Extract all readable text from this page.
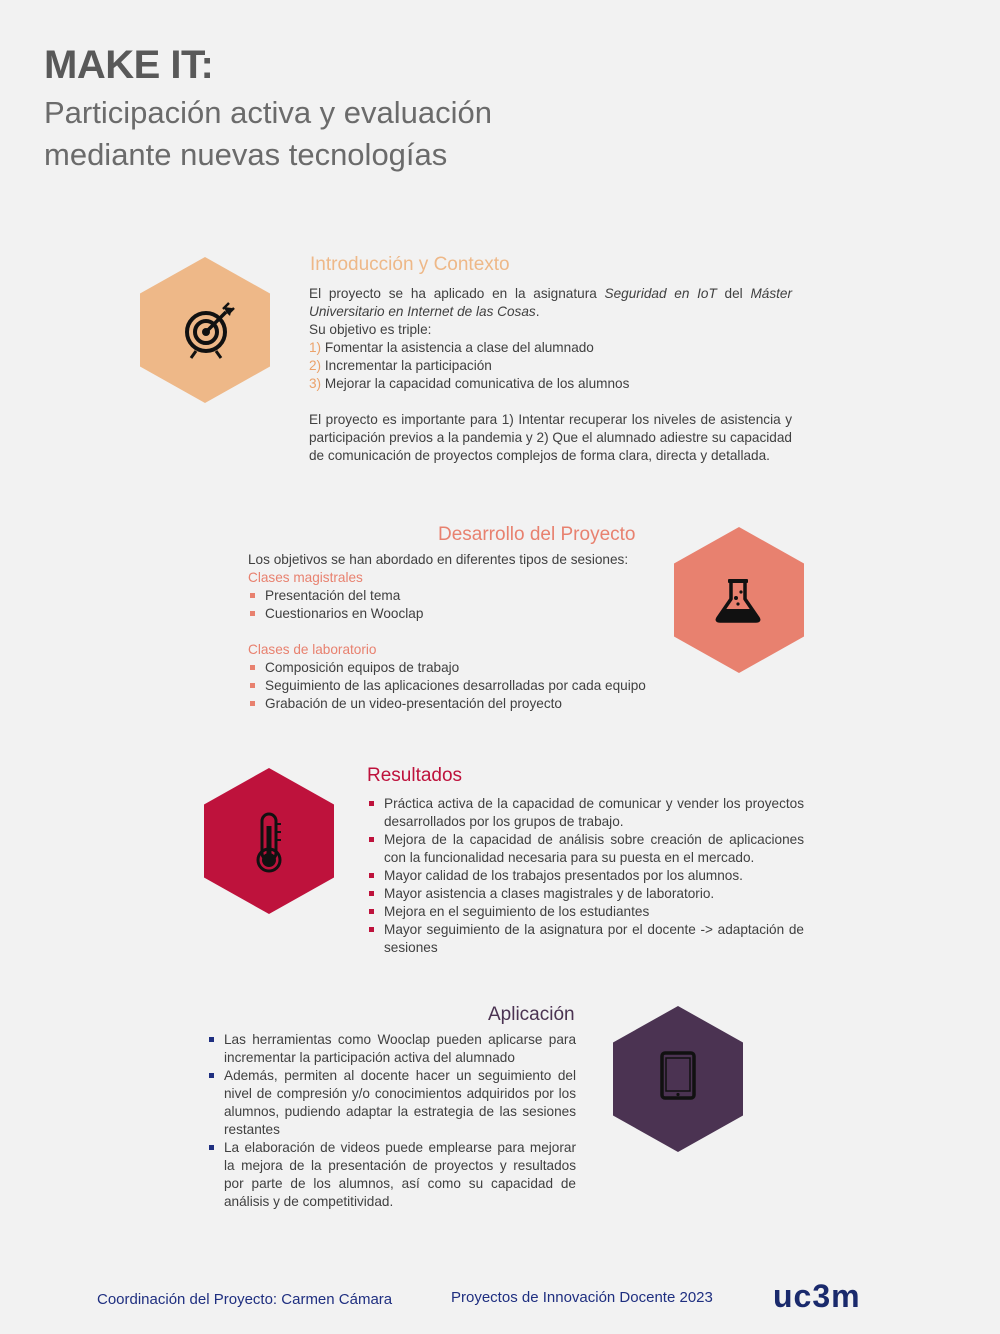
MAKE IT:
Participación activa y evaluación
mediante nuevas tecnologías
Introducción y Contexto

El proyecto se ha aplicado en la asignatura Seguridad en IoT del Máster Universitario en Internet de las Cosas.

Su objetivo es triple:

1) Fomentar la asistencia a clase del alumnado

2) Incrementar la participación

3) Mejorar la capacidad comunicativa de los alumnos

El proyecto es importante para 1) Intentar recuperar los niveles de asistencia y participación previos a la pandemia y 2) Que el alumnado adiestre su capacidad de comunicación de proyectos complejos de forma clara, directa y detallada.

Desarrollo del Proyecto

Los objetivos se han abordado en diferentes tipos de sesiones:

Clases magistrales

Presentación del tema
Cuestionarios en Wooclap

Clases de laboratorio

Composición equipos de trabajo
Seguimiento de las aplicaciones desarrolladas por cada equipo
Grabación de un video-presentación del proyecto
Resultados
Práctica activa de la capacidad de comunicar y vender los proyectos desarrollados por los grupos de trabajo.
Mejora de la capacidad de análisis sobre creación de aplicaciones con la funcionalidad necesaria para su puesta en el mercado.
Mayor calidad de los trabajos presentados por los alumnos.
Mayor asistencia a clases magistrales y de laboratorio.
Mejora en el seguimiento de los estudiantes
Mayor seguimiento de la asignatura por el docente -> adaptación de sesiones
Aplicación
Las herramientas como Wooclap pueden aplicarse para incrementar la participación activa del alumnado
Además, permiten al docente hacer un seguimiento del nivel de compresión y/o conocimientos adquiridos por los alumnos, pudiendo adaptar la estrategia de las sesiones restantes
La elaboración de videos puede emplearse para mejorar la mejora de la presentación de proyectos y resultados por parte de los alumnos, así como su capacidad de análisis y de competitividad.
Coordinación del Proyecto: Carmen Cámara	Proyectos de Innovación Docente 2023 uc3m
